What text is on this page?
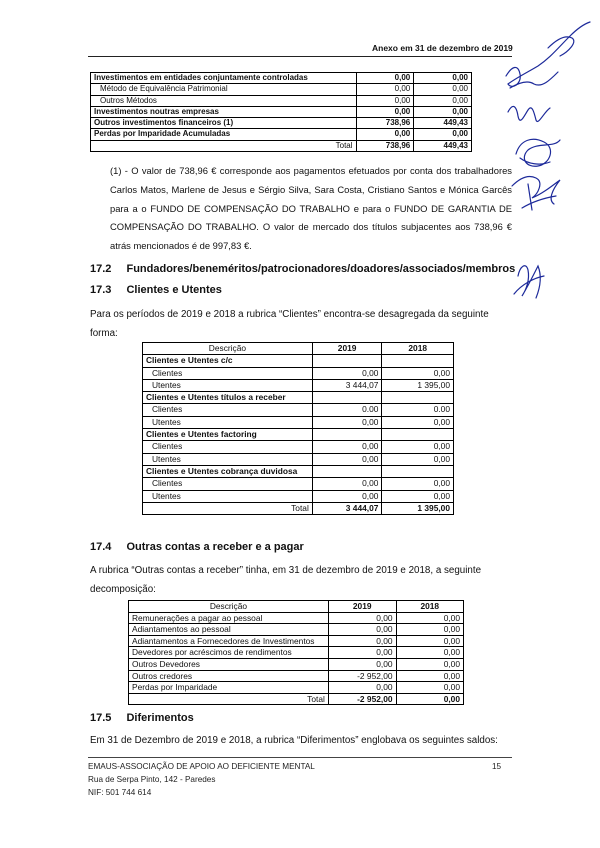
Anexo em 31 de dezembro de 2019
Investimentos em entidades conjuntamente controladas	0,00	0,00
Método de Equivalência Patrimonial	0,00	0,00
Outros Métodos	0,00	0,00
Investimentos noutras empresas	0,00	0,00
Outros investimentos financeiros (1)	738,96	449,43
Perdas por Imparidade Acumuladas	0,00	0,00
Total	738,96	449,43
(1) - O valor de 738,96 € corresponde aos pagamentos efetuados por conta dos trabalhadores Carlos Matos, Marlene de Jesus e Sérgio Silva, Sara Costa, Cristiano Santos e Mónica Garcês para a o FUNDO DE COMPENSAÇÃO DO TRABALHO e para o FUNDO DE GARANTIA DE COMPENSAÇÃO DO TRABALHO. O valor de mercado dos títulos subjacentes aos 738,96 € atrás mencionados é de 997,83 €.
17.2 Fundadores/beneméritos/patrocionadores/doadores/associados/membros
17.3 Clientes e Utentes
Para os períodos de 2019 e 2018 a rubrica “Clientes” encontra-se desagregada da seguinte forma:
Descrição	2019	2018
Clientes e Utentes c/c		
Clientes	0,00	0,00
Utentes	3 444,07	1 395,00
Clientes e Utentes títulos a receber		
Clientes	0.00	0.00
Utentes	0,00	0,00
Clientes e Utentes factoring		
Clientes	0,00	0,00
Utentes	0,00	0,00
Clientes e Utentes cobrança duvidosa		
Clientes	0,00	0,00
Utentes	0,00	0,00
Total	3 444,07	1 395,00
17.4 Outras contas a receber e a pagar
A rubrica “Outras contas a receber” tinha, em 31 de dezembro de 2019 e 2018, a seguinte decomposição:
Descrição	2019	2018
Remunerações a pagar ao pessoal	0,00	0,00
Adiantamentos ao pessoal	0,00	0,00
Adiantamentos a Fornecedores de Investimentos	0,00	0,00
Devedores por acréscimos de rendimentos	0,00	0,00
Outros Devedores	0,00	0,00
Outros credores	-2 952,00	0,00
Perdas por Imparidade	0,00	0,00
Total	-2 952,00	0,00
17.5 Diferimentos
Em 31 de Dezembro de 2019 e 2018, a rubrica “Diferimentos” englobava os seguintes saldos:
EMAUS-ASSOCIAÇÃO DE APOIO AO DEFICIENTE MENTAL
Rua de Serpa Pinto, 142 - Paredes
NIF: 501 744 614
15
